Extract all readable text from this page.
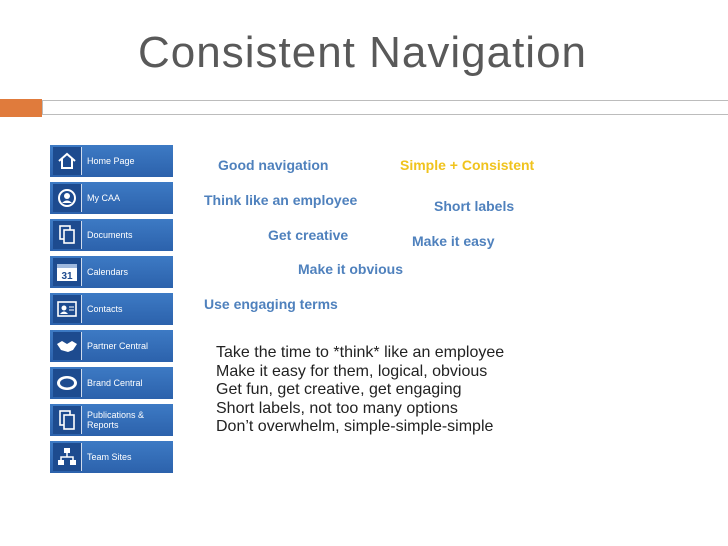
Consistent Navigation
Home Page
My CAA
Documents
31 Calendars
Contacts
Partner Central
Brand Central
Publications & Reports
Team Sites
Good navigation	Simple + Consistent
Think like an employee	Short labels
Get creative	Make it easy
Make it obvious
Use engaging terms
Take the time to *think* like an employee
Make it easy for them, logical, obvious
Get fun, get creative, get engaging
Short labels, not too many options
Don’t overwhelm, simple-simple-simple
